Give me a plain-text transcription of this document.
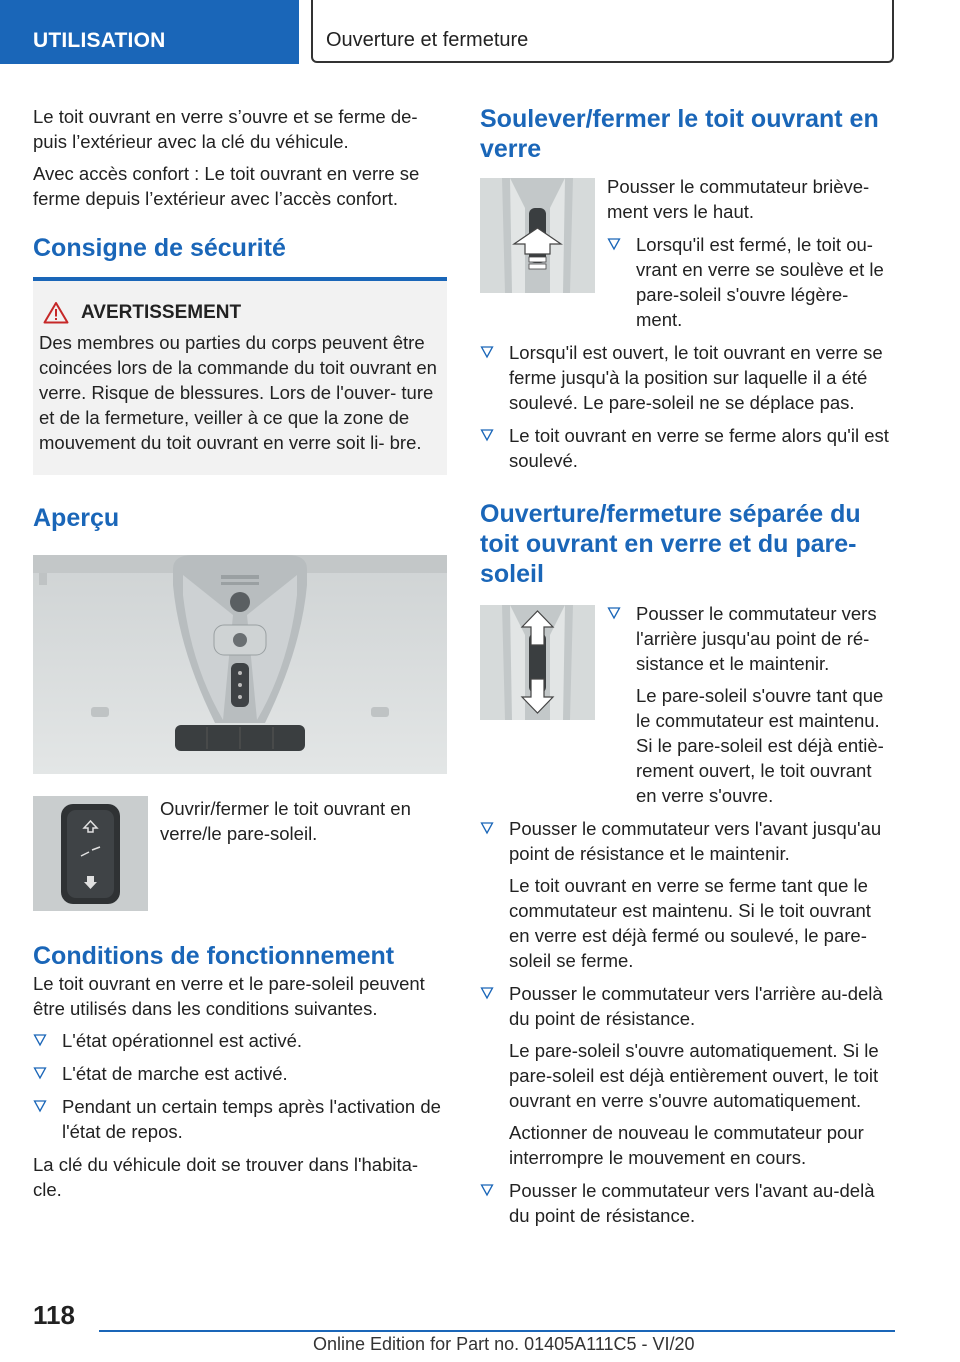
UTILISATION	Ouverture et fermeture

Le toit ouvrant en verre s’ouvre et se ferme de‐ puis l’extérieur avec la clé du véhicule.

Avec accès confort : Le toit ouvrant en verre se ferme depuis l’extérieur avec l’accès confort.

Consigne de sécurité
AVERTISSEMENT

Des membres ou parties du corps peuvent être coincées lors de la commande du toit ouvrant en verre. Risque de blessures. Lors de l'ouver‐ ture et de la fermeture, veiller à ce que la zone de mouvement du toit ouvrant en verre soit li‐ bre.

Aperçu

Ouvrir/fermer le toit ouvrant en verre/le pare-soleil.

Conditions de fonctionnement

Le toit ouvrant en verre et le pare-soleil peuvent être utilisés dans les conditions suivantes.

L'état opérationnel est activé.

L'état de marche est activé.

Pendant un certain temps après l'activation de l'état de repos.

La clé du véhicule doit se trouver dans l'habita‐ cle.

Soulever/fermer le toit ouvrant en verre

Pousser le commutateur briève‐ ment vers le haut.

Lorsqu'il est fermé, le toit ou‐ vrant en verre se soulève et le pare-soleil s'ouvre légère‐ ment.

Lorsqu'il est ouvert, le toit ouvrant en verre se ferme jusqu'à la position sur laquelle il a été soulevé. Le pare-soleil ne se déplace pas.

Le toit ouvrant en verre se ferme alors qu'il est soulevé.

Ouverture/fermeture séparée du toit ouvrant en verre et du pare‐ soleil

Pousser le commutateur vers l'arrière jusqu'au point de ré‐ sistance et le maintenir.

Le pare-soleil s'ouvre tant que le commutateur est maintenu. Si le pare-soleil est déjà entiè‐ rement ouvert, le toit ouvrant en verre s'ouvre.

Pousser le commutateur vers l'avant jusqu'au point de résistance et le maintenir.

Le toit ouvrant en verre se ferme tant que le commutateur est maintenu. Si le toit ouvrant en verre est déjà fermé ou soulevé, le pare‐ soleil se ferme.

Pousser le commutateur vers l'arrière au-delà du point de résistance.

Le pare-soleil s'ouvre automatiquement. Si le pare-soleil est déjà entièrement ouvert, le toit ouvrant en verre s'ouvre automatiquement.

Actionner de nouveau le commutateur pour interrompre le mouvement en cours.

Pousser le commutateur vers l'avant au-delà du point de résistance.

118
Online Edition for Part no. 01405A111C5 - VI/20
